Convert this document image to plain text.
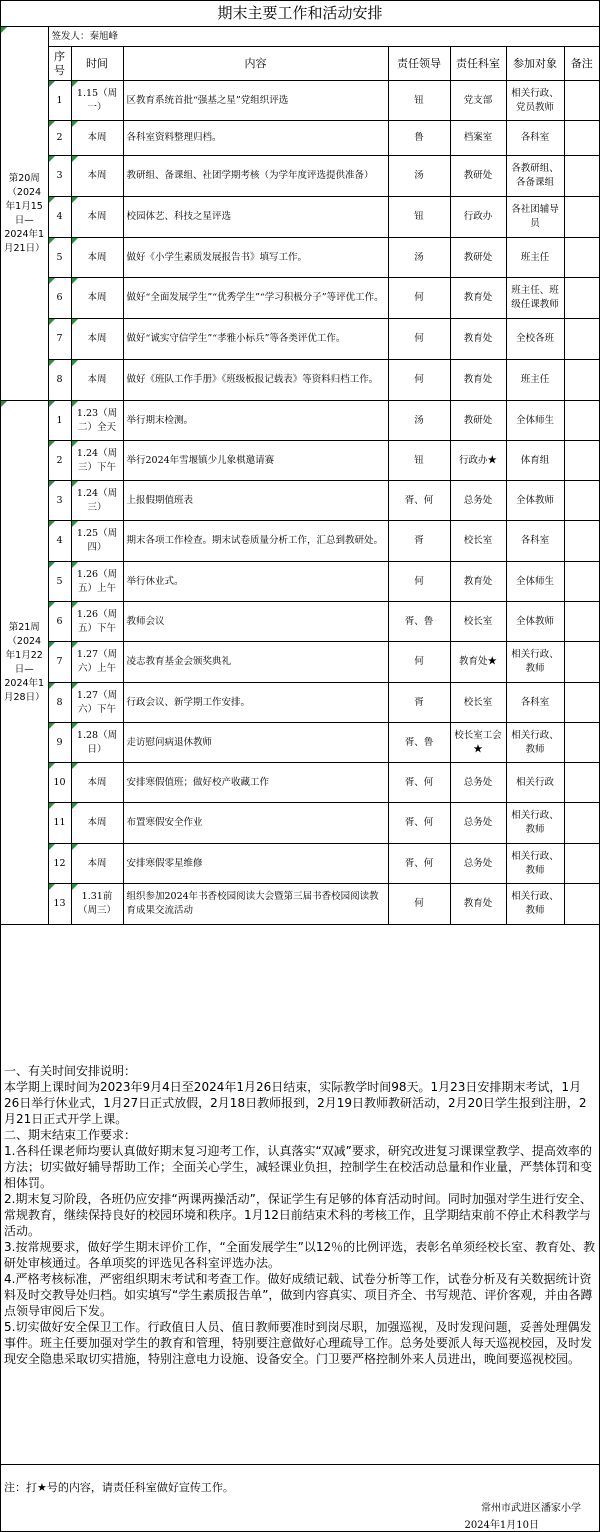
期末主要工作和活动安排
第20周（2024年1月15日—2024年1月21日）	签发人：秦旭峰						
	序号	时间	内容	责任领导	责任科室	参加对象	备注
	1	1.15（周一）	区教育系统首批“强基之星”党组织评选	钮	党支部	相关行政、党员教师	
	2	本周	各科室资料整理归档。	鲁	档案室	各科室	
	3	本周	教研组、备课组、社团学期考核（为学年度评选提供准备）	汤	教研处	各教研组、各备课组	
	4	本周	校园体艺、科技之星评选	钮	行政办	各社团辅导员	
	5	本周	做好《小学生素质发展报告书》填写工作。	汤	教研处	班主任	
	6	本周	做好“全面发展学生”“优秀学生”“学习积极分子”等评优工作。	何	教育处	班主任、班级任课教师	
	7	本周	做好“诚实守信学生”“孝雅小标兵”等各类评优工作。	何	教育处	全校各班	
	8	本周	做好《班队工作手册》《班级板报记载表》等资料归档工作。	何	教育处	班主任	
第21周（2024年1月22日—2024年1月28日）	1	1.23（周二）全天	举行期末检测。	汤	教研处	全体师生	
	2	1.24（周三）下午	举行2024年雪堰镇少儿象棋邀请赛	钮	行政办★	体育组	
	3	1.24（周三）	上报假期值班表	胥、何	总务处	全体教师	
	4	1.25（周四）	期末各项工作检查。期末试卷质量分析工作，汇总到教研处。	胥	校长室	各科室	
	5	1.26（周五）上午	举行休业式。	何	教育处	全体师生	
	6	1.26（周五）下午	教师会议	胥、鲁	校长室	全体教师	
	7	1.27（周六）上午	凌志教育基金会颁奖典礼	何	教育处★	相关行政、教师	
	8	1.27（周六）下午	行政会议、新学期工作安排。	胥	校长室	各科室	
	9	1.28（周日）	走访慰问病退休教师	胥、鲁	校长室工会★	相关行政、教师	
	10	本周	安排寒假值班；做好校产收藏工作	胥、何	总务处	相关行政	
	11	本周	布置寒假安全作业	胥、何	总务处	相关行政、教师	
	12	本周	安排寒假零星维修	胥、何	总务处	相关行政、教师	
	13	1.31前（周三）	组织参加2024年书香校园阅读大会暨第三届书香校园阅读教育成果交流活动	何	教育处	相关行政、教师	

一、有关时间安排说明：

本学期上课时间为2023年9月4日至2024年1月26日结束，实际教学时间98天。1月23日安排期末考试，1月26日举行休业式，1月27日正式放假，2月18日教师报到，2月19日教师教研活动，2月20日学生报到注册，2月21日正式开学上课。

二、期末结束工作要求：

1.各科任课老师均要认真做好期末复习迎考工作，认真落实“双减”要求，研究改进复习课课堂教学、提高效率的方法；切实做好辅导帮助工作；全面关心学生，减轻课业负担，控制学生在校活动总量和作业量，严禁体罚和变相体罚。

2.期末复习阶段，各班仍应安排“两课两操活动”，保证学生有足够的体育活动时间。同时加强对学生进行安全、常规教育，继续保持良好的校园环境和秩序。1月12日前结束术科的考核工作，且学期结束前不停止术科教学与活动。

3.按常规要求，做好学生期末评价工作，“全面发展学生”以12％的比例评选，表彰名单须经校长室、教育处、教研处审核通过。各单项奖的评选见各科室评选办法。

4.严格考核标准，严密组织期末考试和考查工作。做好成绩记载、试卷分析等工作，试卷分析及有关数据统计资料及时交教导处归档。如实填写“学生素质报告单”，做到内容真实、项目齐全、书写规范、评价客观，并由各蹲点领导审阅后下发。

5.切实做好安全保卫工作。行政值日人员、值日教师要准时到岗尽职，加强巡视，及时发现问题，妥善处理偶发事件。班主任要加强对学生的教育和管理，特别要注意做好心理疏导工作。总务处要派人每天巡视校园，及时发现安全隐患采取切实措施，特别注意电力设施、设备安全。门卫要严格控制外来人员进出，晚间要巡视校园。

注：打★号的内容，请责任科室做好宣传工作。
常州市武进区潘家小学
2024年1月10日
